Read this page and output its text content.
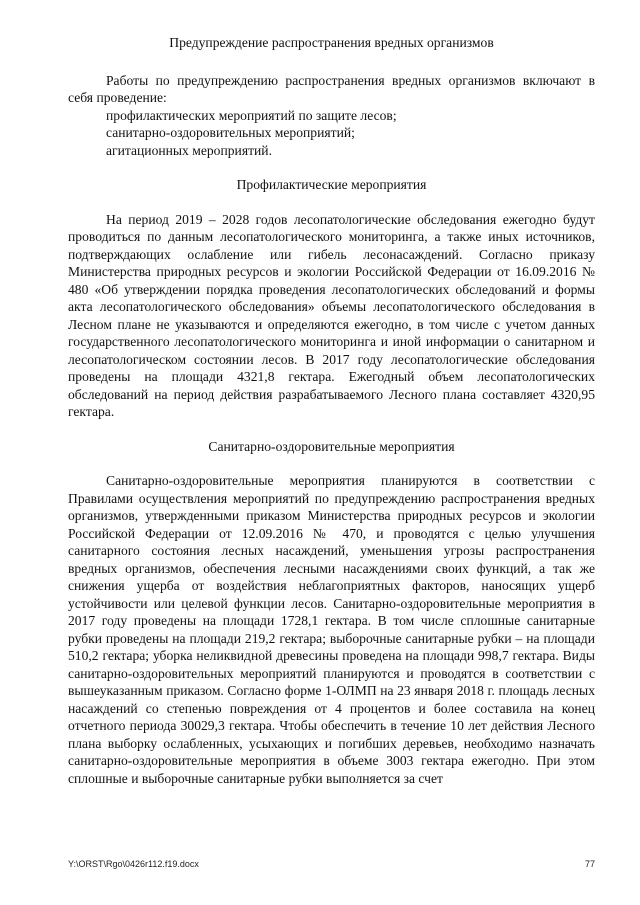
Предупреждение распространения вредных организмов

Работы по предупреждению распространения вредных организмов включают в себя проведение:

профилактических мероприятий по защите лесов;

санитарно-оздоровительных мероприятий;

агитационных мероприятий.

Профилактические мероприятия

На период 2019 – 2028 годов лесопатологические обследования ежегодно будут проводиться по данным лесопатологического мониторинга, а также иных источников, подтверждающих ослабление или гибель лесонасаждений. Согласно приказу Министерства природных ресурсов и экологии Российской Федерации от 16.09.2016 № 480 «Об утверждении порядка проведения лесопатологических обследований и формы акта лесопатологического обследования» объемы лесопатологического обследования в Лесном плане не указываются и определяются ежегодно, в том числе с учетом данных государственного лесопатологического мониторинга и иной информации о санитарном и лесопатологическом состоянии лесов. В 2017 году лесопатологические обследования проведены на площади 4321,8 гектара. Ежегодный объем лесопатологических обследований на период действия разрабатываемого Лесного плана составляет 4320,95 гектара.

Санитарно-оздоровительные мероприятия

Санитарно-оздоровительные мероприятия планируются в соответствии с Правилами осуществления мероприятий по предупреждению распространения вредных организмов, утвержденными приказом Министерства природных ресурсов и экологии Российской Федерации от 12.09.2016 № 470, и проводятся с целью улучшения санитарного состояния лесных насаждений, уменьшения угрозы распространения вредных организмов, обеспечения лесными насаждениями своих функций, а так же снижения ущерба от воздействия неблагоприятных факторов, наносящих ущерб устойчивости или целевой функции лесов. Санитарно-оздоровительные мероприятия в 2017 году проведены на площади 1728,1 гектара. В том числе сплошные санитарные рубки проведены на площади 219,2 гектара; выборочные санитарные рубки – на площади 510,2 гектара; уборка неликвидной древесины проведена на площади 998,7 гектара. Виды санитарно-оздоровительных мероприятий планируются и проводятся в соответствии с вышеуказанным приказом. Согласно форме 1-ОЛМП на 23 января 2018 г. площадь лесных насаждений со степенью повреждения от 4 процентов и более составила на конец отчетного периода 30029,3 гектара. Чтобы обеспечить в течение 10 лет действия Лесного плана выборку ослабленных, усыхающих и погибших деревьев, необходимо назначать санитарно-оздоровительные мероприятия в объеме 3003 гектара ежегодно. При этом сплошные и выборочные санитарные рубки выполняется за счет

Y:\ORST\Rgo\0426r112.f19.docx	77
